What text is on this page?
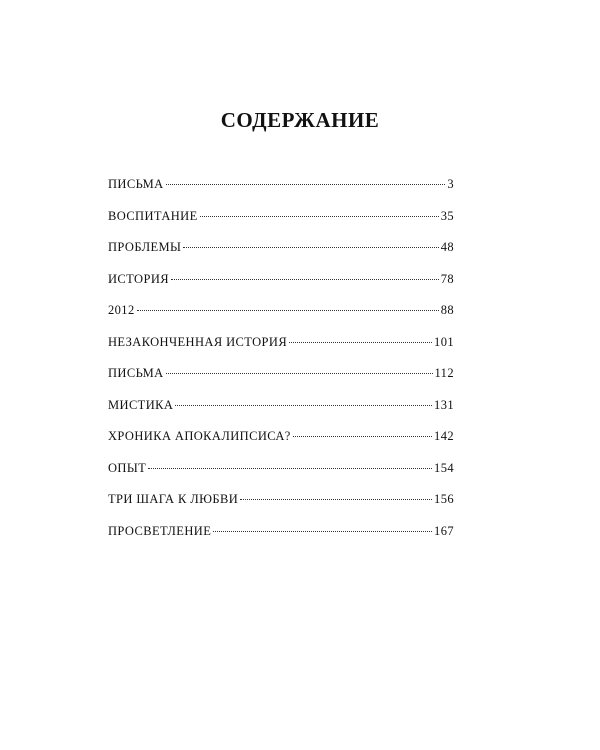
СОДЕРЖАНИЕ
ПИСЬМА	3
ВОСПИТАНИЕ	35
ПРОБЛЕМЫ	48
ИСТОРИЯ	78
2012	88
НЕЗАКОНЧЕННАЯ ИСТОРИЯ	101
ПИСЬМА	112
МИСТИКА	131
ХРОНИКА АПОКАЛИПСИСА?	142
ОПЫТ	154
ТРИ ШАГА К ЛЮБВИ	156
ПРОСВЕТЛЕНИЕ	167
